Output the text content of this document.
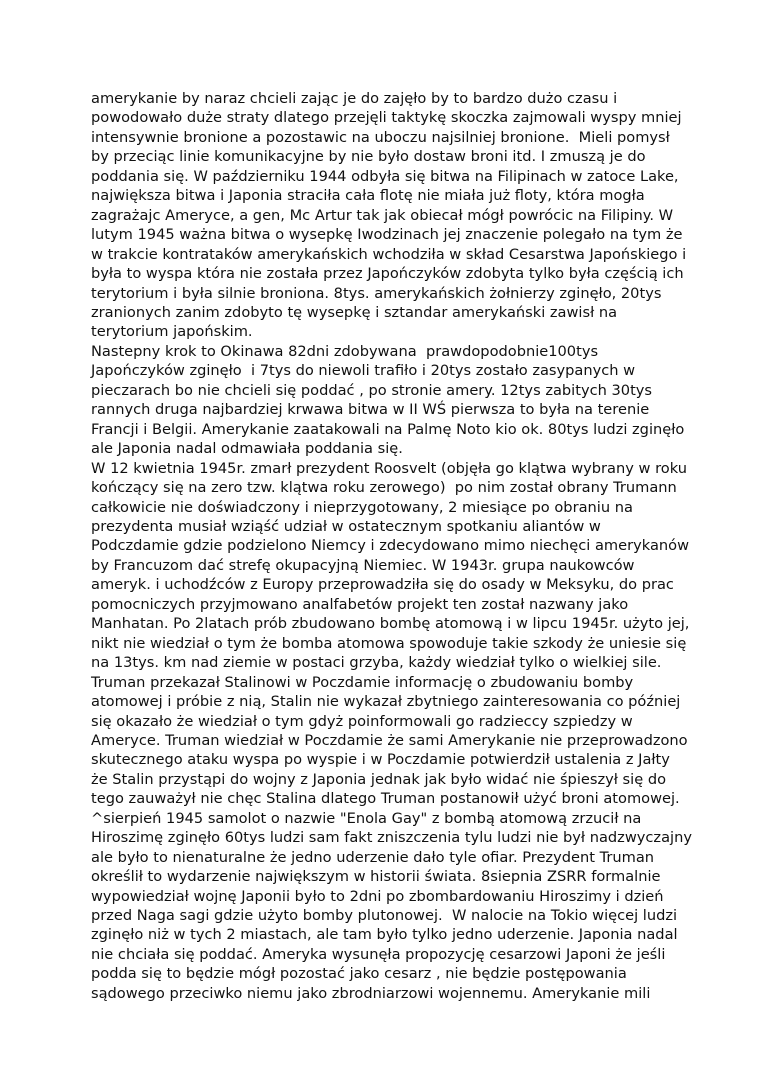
amerykanie by naraz chcieli zając je do zajęło by to bardzo dużo czasu i
powodowało duże straty dlatego przejęli taktykę skoczka zajmowali wyspy mniej
intensywnie bronione a pozostawic na uboczu najsilniej bronione.  Mieli pomysł
by przeciąc linie komunikacyjne by nie było dostaw broni itd. I zmuszą je do
poddania się. W październiku 1944 odbyła się bitwa na Filipinach w zatoce Lake,
największa bitwa i Japonia straciła cała flotę nie miała już floty, która mogła
zagrażajc Ameryce, a gen, Mc Artur tak jak obiecał mógł powrócic na Filipiny. W
lutym 1945 ważna bitwa o wysepkę Iwodzinach jej znaczenie polegało na tym że
w trakcie kontrataków amerykańskich wchodziła w skład Cesarstwa Japońskiego i
była to wyspa która nie została przez Japończyków zdobyta tylko była częścią ich
terytorium i była silnie broniona. 8tys. amerykańskich żołnierzy zginęło, 20tys
zranionych zanim zdobyto tę wysepkę i sztandar amerykański zawisł na
terytorium japońskim.
Nastepny krok to Okinawa 82dni zdobywana  prawdopodobnie100tys
Japończyków zginęło  i 7tys do niewoli trafiło i 20tys zostało zasypanych w
pieczarach bo nie chcieli się poddać , po stronie amery. 12tys zabitych 30tys
rannych druga najbardziej krwawa bitwa w II WŚ pierwsza to była na terenie
Francji i Belgii. Amerykanie zaatakowali na Palmę Noto kio ok. 80tys ludzi zginęło
ale Japonia nadal odmawiała poddania się.
W 12 kwietnia 1945r. zmarł prezydent Roosvelt (objęła go klątwa wybrany w roku
kończący się na zero tzw. klątwa roku zerowego)  po nim został obrany Trumann
całkowicie nie doświadczony i nieprzygotowany, 2 miesiące po obraniu na
prezydenta musiał wziąść udział w ostatecznym spotkaniu aliantów w
Podczdamie gdzie podzielono Niemcy i zdecydowano mimo niechęci amerykanów
by Francuzom dać strefę okupacyjną Niemiec. W 1943r. grupa naukowców
ameryk. i uchodźców z Europy przeprowadziła się do osady w Meksyku, do prac
pomocniczych przyjmowano analfabetów projekt ten został nazwany jako
Manhatan. Po 2latach prób zbudowano bombę atomową i w lipcu 1945r. użyto jej,
nikt nie wiedział o tym że bomba atomowa spowoduje takie szkody że uniesie się
na 13tys. km nad ziemie w postaci grzyba, każdy wiedział tylko o wielkiej sile.
Truman przekazał Stalinowi w Poczdamie informację o zbudowaniu bomby
atomowej i próbie z nią, Stalin nie wykazał zbytniego zainteresowania co później
się okazało że wiedział o tym gdyż poinformowali go radzieccy szpiedzy w
Ameryce. Truman wiedział w Poczdamie że sami Amerykanie nie przeprowadzono
skutecznego ataku wyspa po wyspie i w Poczdamie potwierdził ustalenia z Jałty
że Stalin przystąpi do wojny z Japonia jednak jak było widać nie śpieszył się do
tego zauważył nie chęc Stalina dlatego Truman postanowił użyć broni atomowej.
^sierpień 1945 samolot o nazwie "Enola Gay" z bombą atomową zrzucił na
Hiroszimę zginęło 60tys ludzi sam fakt zniszczenia tylu ludzi nie był nadzwyczajny
ale było to nienaturalne że jedno uderzenie dało tyle ofiar. Prezydent Truman
określił to wydarzenie największym w historii świata. 8siepnia ZSRR formalnie
wypowiedział wojnę Japonii było to 2dni po zbombardowaniu Hiroszimy i dzień
przed Naga sagi gdzie użyto bomby plutonowej.  W nalocie na Tokio więcej ludzi
zginęło niż w tych 2 miastach, ale tam było tylko jedno uderzenie. Japonia nadal
nie chciała się poddać. Ameryka wysunęła propozycję cesarzowi Japoni że jeśli
podda się to będzie mógł pozostać jako cesarz , nie będzie postępowania
sądowego przeciwko niemu jako zbrodniarzowi wojennemu. Amerykanie mili
